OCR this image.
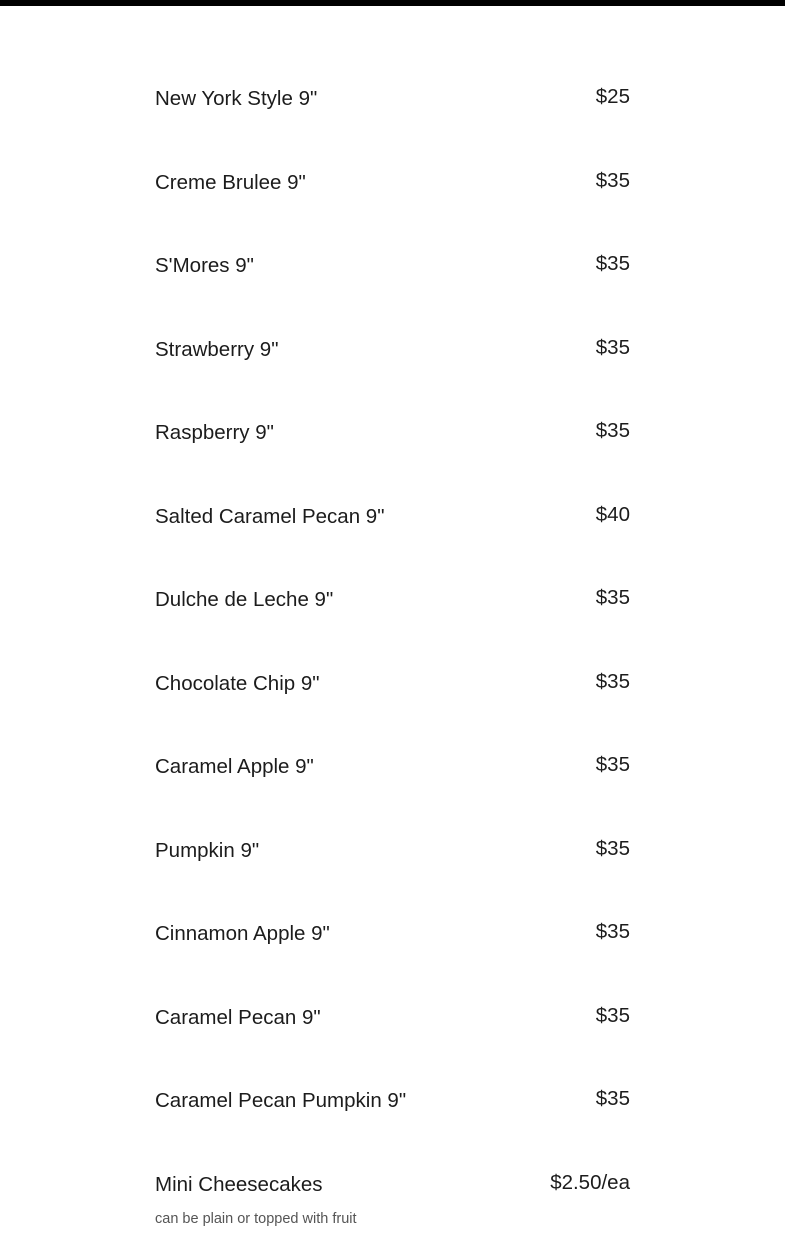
New York Style 9"	$25
Creme Brulee 9"	$35
S'Mores 9"	$35
Strawberry 9"	$35
Raspberry 9"	$35
Salted Caramel Pecan 9"	$40
Dulche de Leche 9"	$35
Chocolate Chip 9"	$35
Caramel Apple 9"	$35
Pumpkin 9"	$35
Cinnamon Apple 9"	$35
Caramel Pecan 9"	$35
Caramel Pecan Pumpkin 9"	$35
Mini Cheesecakes	$2.50/ea
can be plain or topped with fruit
